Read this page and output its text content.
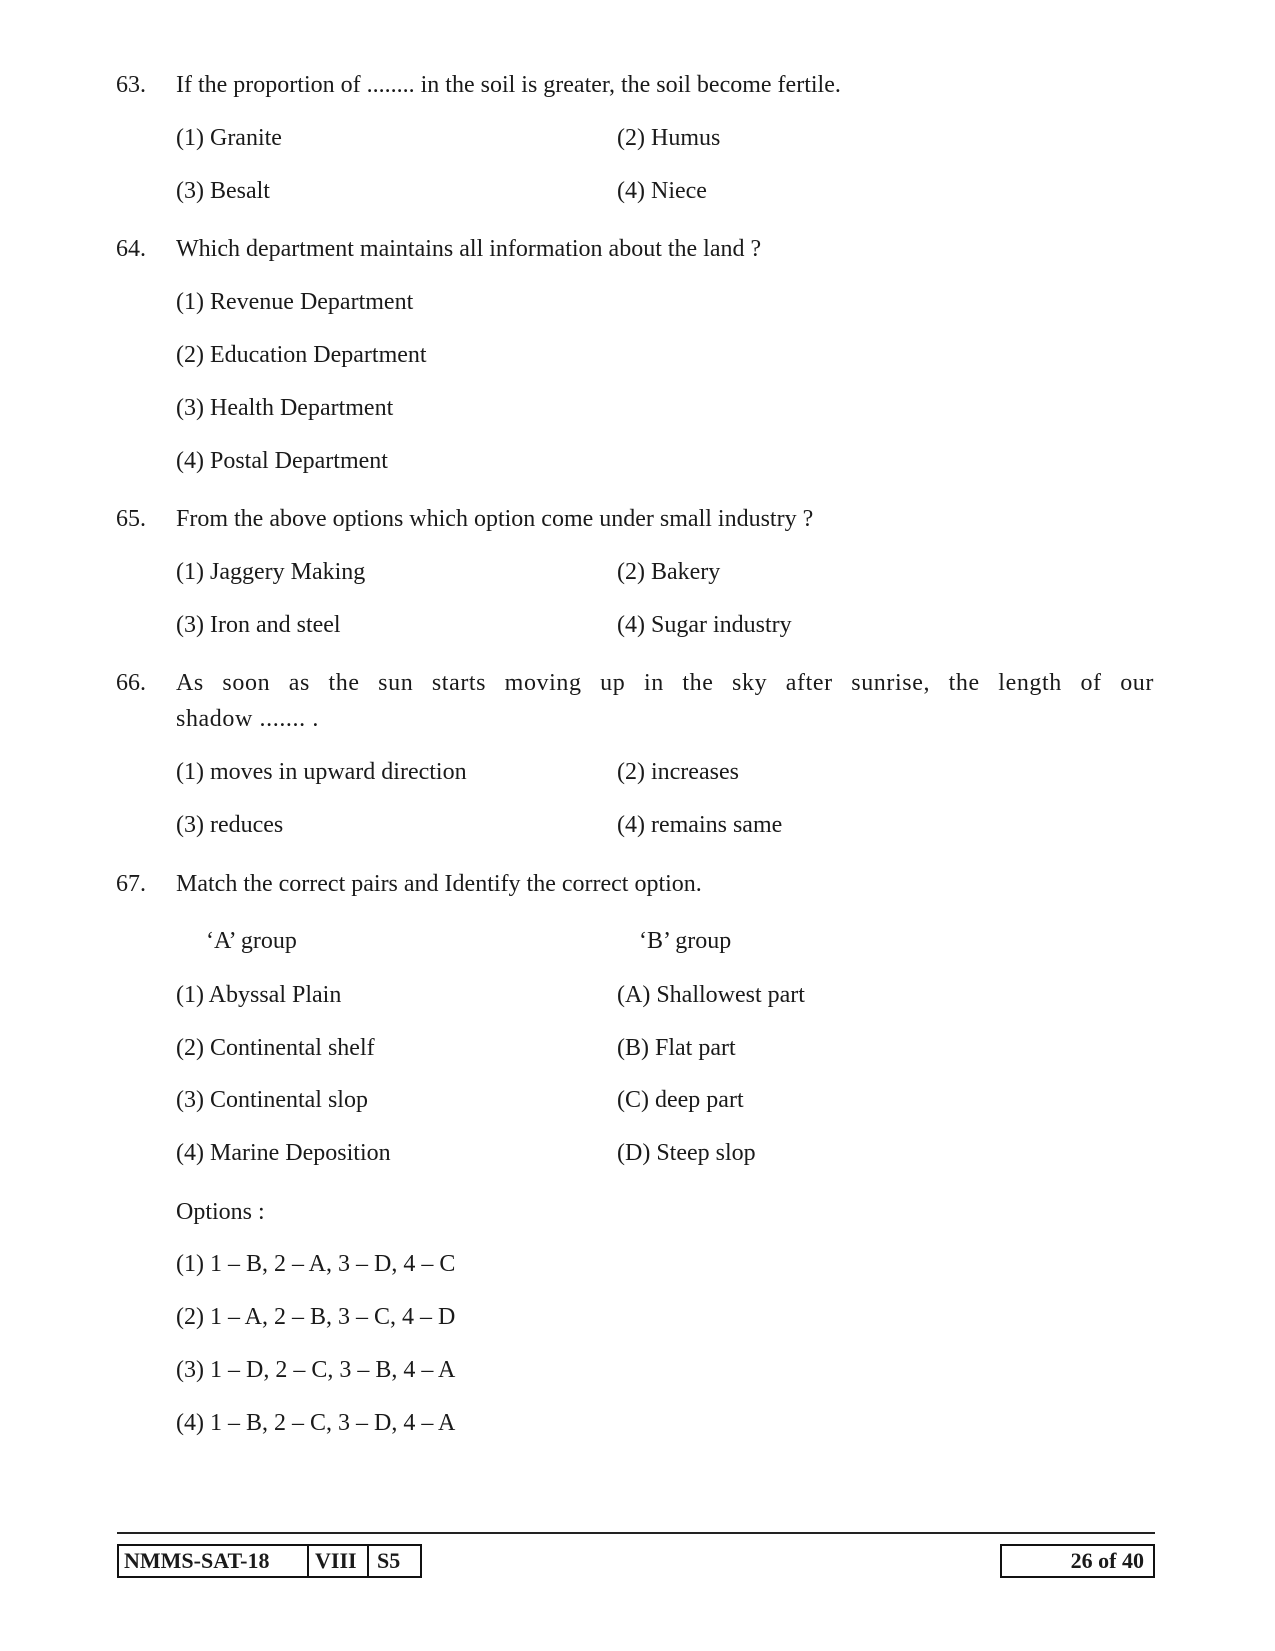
63. If the proportion of ........ in the soil is greater, the soil become fertile.
(1) Granite	(2) Humus
(3) Besalt	(4) Niece
64. Which department maintains all information about the land ?
(1) Revenue Department
(2) Education Department
(3) Health Department
(4) Postal Department
65. From the above options which option come under small industry ?
(1) Jaggery Making	(2) Bakery
(3) Iron and steel	(4) Sugar industry
66. As soon as the sun starts moving up in the sky after sunrise, the length of our
shadow ....... .
(1) moves in upward direction	(2) increases
(3) reduces	(4) remains same
67. Match the correct pairs and Identify the correct option.
‘A’ group	‘B’ group
(1) Abyssal Plain	(A) Shallowest part
(2) Continental shelf	(B) Flat part
(3) Continental slop	(C) deep part
(4) Marine Deposition	(D) Steep slop
Options :
(1) 1 – B, 2 – A, 3 – D, 4 – C
(2) 1 – A, 2 – B, 3 – C, 4 – D
(3) 1 – D, 2 – C, 3 – B, 4 – A
(4) 1 – B, 2 – C, 3 – D, 4 – A
NMMS-SAT-18 VIII S5	26 of 40
